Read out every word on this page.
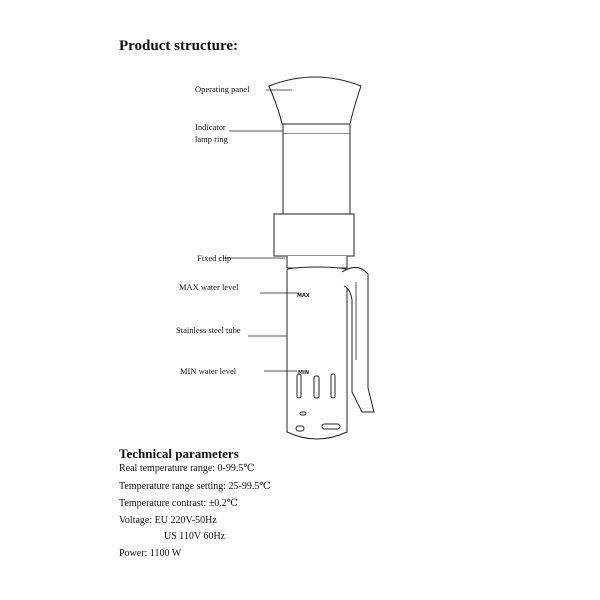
Product structure:
MAX
MIN
Operating panel
Indicator
lamp ring
Fixed clip
MAX water level
Stainless steel tube
MIN water level
Technical parameters
Real temperature range: 0-99.5℃
Temperature range setting: 25-99.5℃
Temperature contrast: ±0.2℃
Voltage: EU 220V-50Hz
US 110V 60Hz
Power: 1100 W
